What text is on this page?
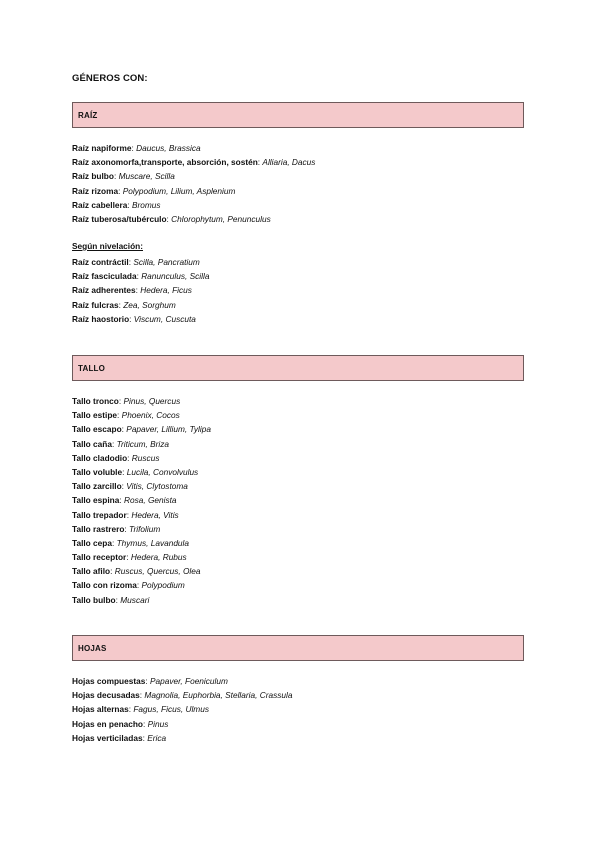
GÉNEROS CON:
RAÍZ
Raíz napiforme: Daucus, Brassica
Raíz axonomorfa,transporte, absorción, sostén: Alliaria, Dacus
Raíz bulbo: Muscare, Scilla
Raíz rizoma: Polypodium, Lilium, Asplenium
Raíz cabellera: Bromus
Raíz tuberosa/tubérculo: Chlorophytum, Penunculus
Según nivelación:
Raíz contráctil: Scilla, Pancratium
Raíz fasciculada: Ranunculus, Scilla
Raíz adherentes: Hedera, Ficus
Raíz fulcras: Zea, Sorghum
Raíz haostorio: Viscum, Cuscuta
TALLO
Tallo tronco: Pinus, Quercus
Tallo estipe: Phoenix, Cocos
Tallo escapo: Papaver, Lillium, Tylipa
Tallo caña: Triticum, Briza
Tallo cladodio: Ruscus
Tallo voluble: Lucila, Convolvulus
Tallo zarcillo: Vitis, Clytostoma
Tallo espina: Rosa, Genista
Tallo trepador: Hedera, Vitis
Tallo rastrero: Trifolium
Tallo cepa: Thymus, Lavandula
Tallo receptor: Hedera, Rubus
Tallo afilo: Ruscus, Quercus, Olea
Tallo con rizoma: Polypodium
Tallo bulbo: Muscari
HOJAS
Hojas compuestas: Papaver, Foeniculum
Hojas decusadas: Magnolia, Euphorbia, Stellaria, Crassula
Hojas alternas: Fagus, Ficus, Ulmus
Hojas en penacho: Pinus
Hojas verticiladas: Erica
